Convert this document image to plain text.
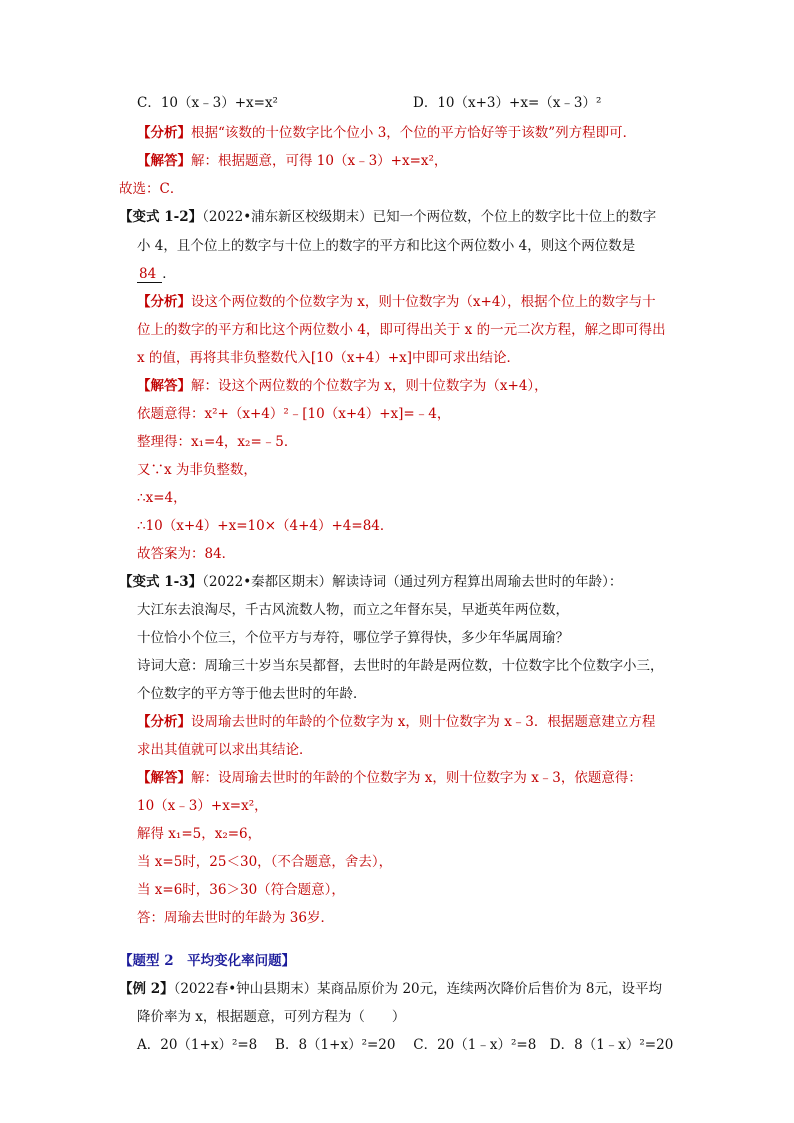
C．10（x﹣3）+x=x²	D．10（x+3）+x=（x﹣3）²
【分析】根据“该数的十位数字比个位小 3，个位的平方恰好等于该数”列方程即可．
【解答】解：根据题意，可得 10（x﹣3）+x=x²，
故选：C．
【变式 1-2】（2022•浦东新区校级期末）已知一个两位数，个位上的数字比十位上的数字
小 4，且个位上的数字与十位上的数字的平方和比这个两位数小 4，则这个两位数是
84 ．
【分析】设这个两位数的个位数字为 x，则十位数字为（x+4），根据个位上的数字与十
位上的数字的平方和比这个两位数小 4，即可得出关于 x 的一元二次方程，解之即可得出
x 的值，再将其非负整数代入[10（x+4）+x]中即可求出结论．
【解答】解：设这个两位数的个位数字为 x，则十位数字为（x+4），
依题意得：x²+（x+4）²﹣[10（x+4）+x]=﹣4，
整理得：x₁=4，x₂=﹣5．
又∵x 为非负整数，
∴x=4，
∴10（x+4）+x=10×（4+4）+4=84．
故答案为：84．
【变式 1-3】（2022•秦都区期末）解读诗词（通过列方程算出周瑜去世时的年龄）：
大江东去浪淘尽，千古风流数人物，而立之年督东吴，早逝英年两位数，
十位恰小个位三，个位平方与寿符，哪位学子算得快，多少年华属周瑜？
诗词大意：周瑜三十岁当东吴都督，去世时的年龄是两位数，十位数字比个位数字小三，
个位数字的平方等于他去世时的年龄．
【分析】设周瑜去世时的年龄的个位数字为 x，则十位数字为 x﹣3．根据题意建立方程
求出其值就可以求出其结论．
【解答】解：设周瑜去世时的年龄的个位数字为 x，则十位数字为 x﹣3，依题意得：
10（x﹣3）+x=x²，
解得 x₁=5，x₂=6，
当 x=5时，25＜30，（不合题意，舍去），
当 x=6时，36＞30（符合题意），
答：周瑜去世时的年龄为 36岁．
【题型 2　平均变化率问题】
【例 2】（2022春•钟山县期末）某商品原价为 20元，连续两次降价后售价为 8元，设平均
降价率为 x，根据题意，可列方程为（　　）
A．20（1+x）²=8　 B．8（1+x）²=20　 C．20（1﹣x）²=8　D．8（1﹣x）²=20
